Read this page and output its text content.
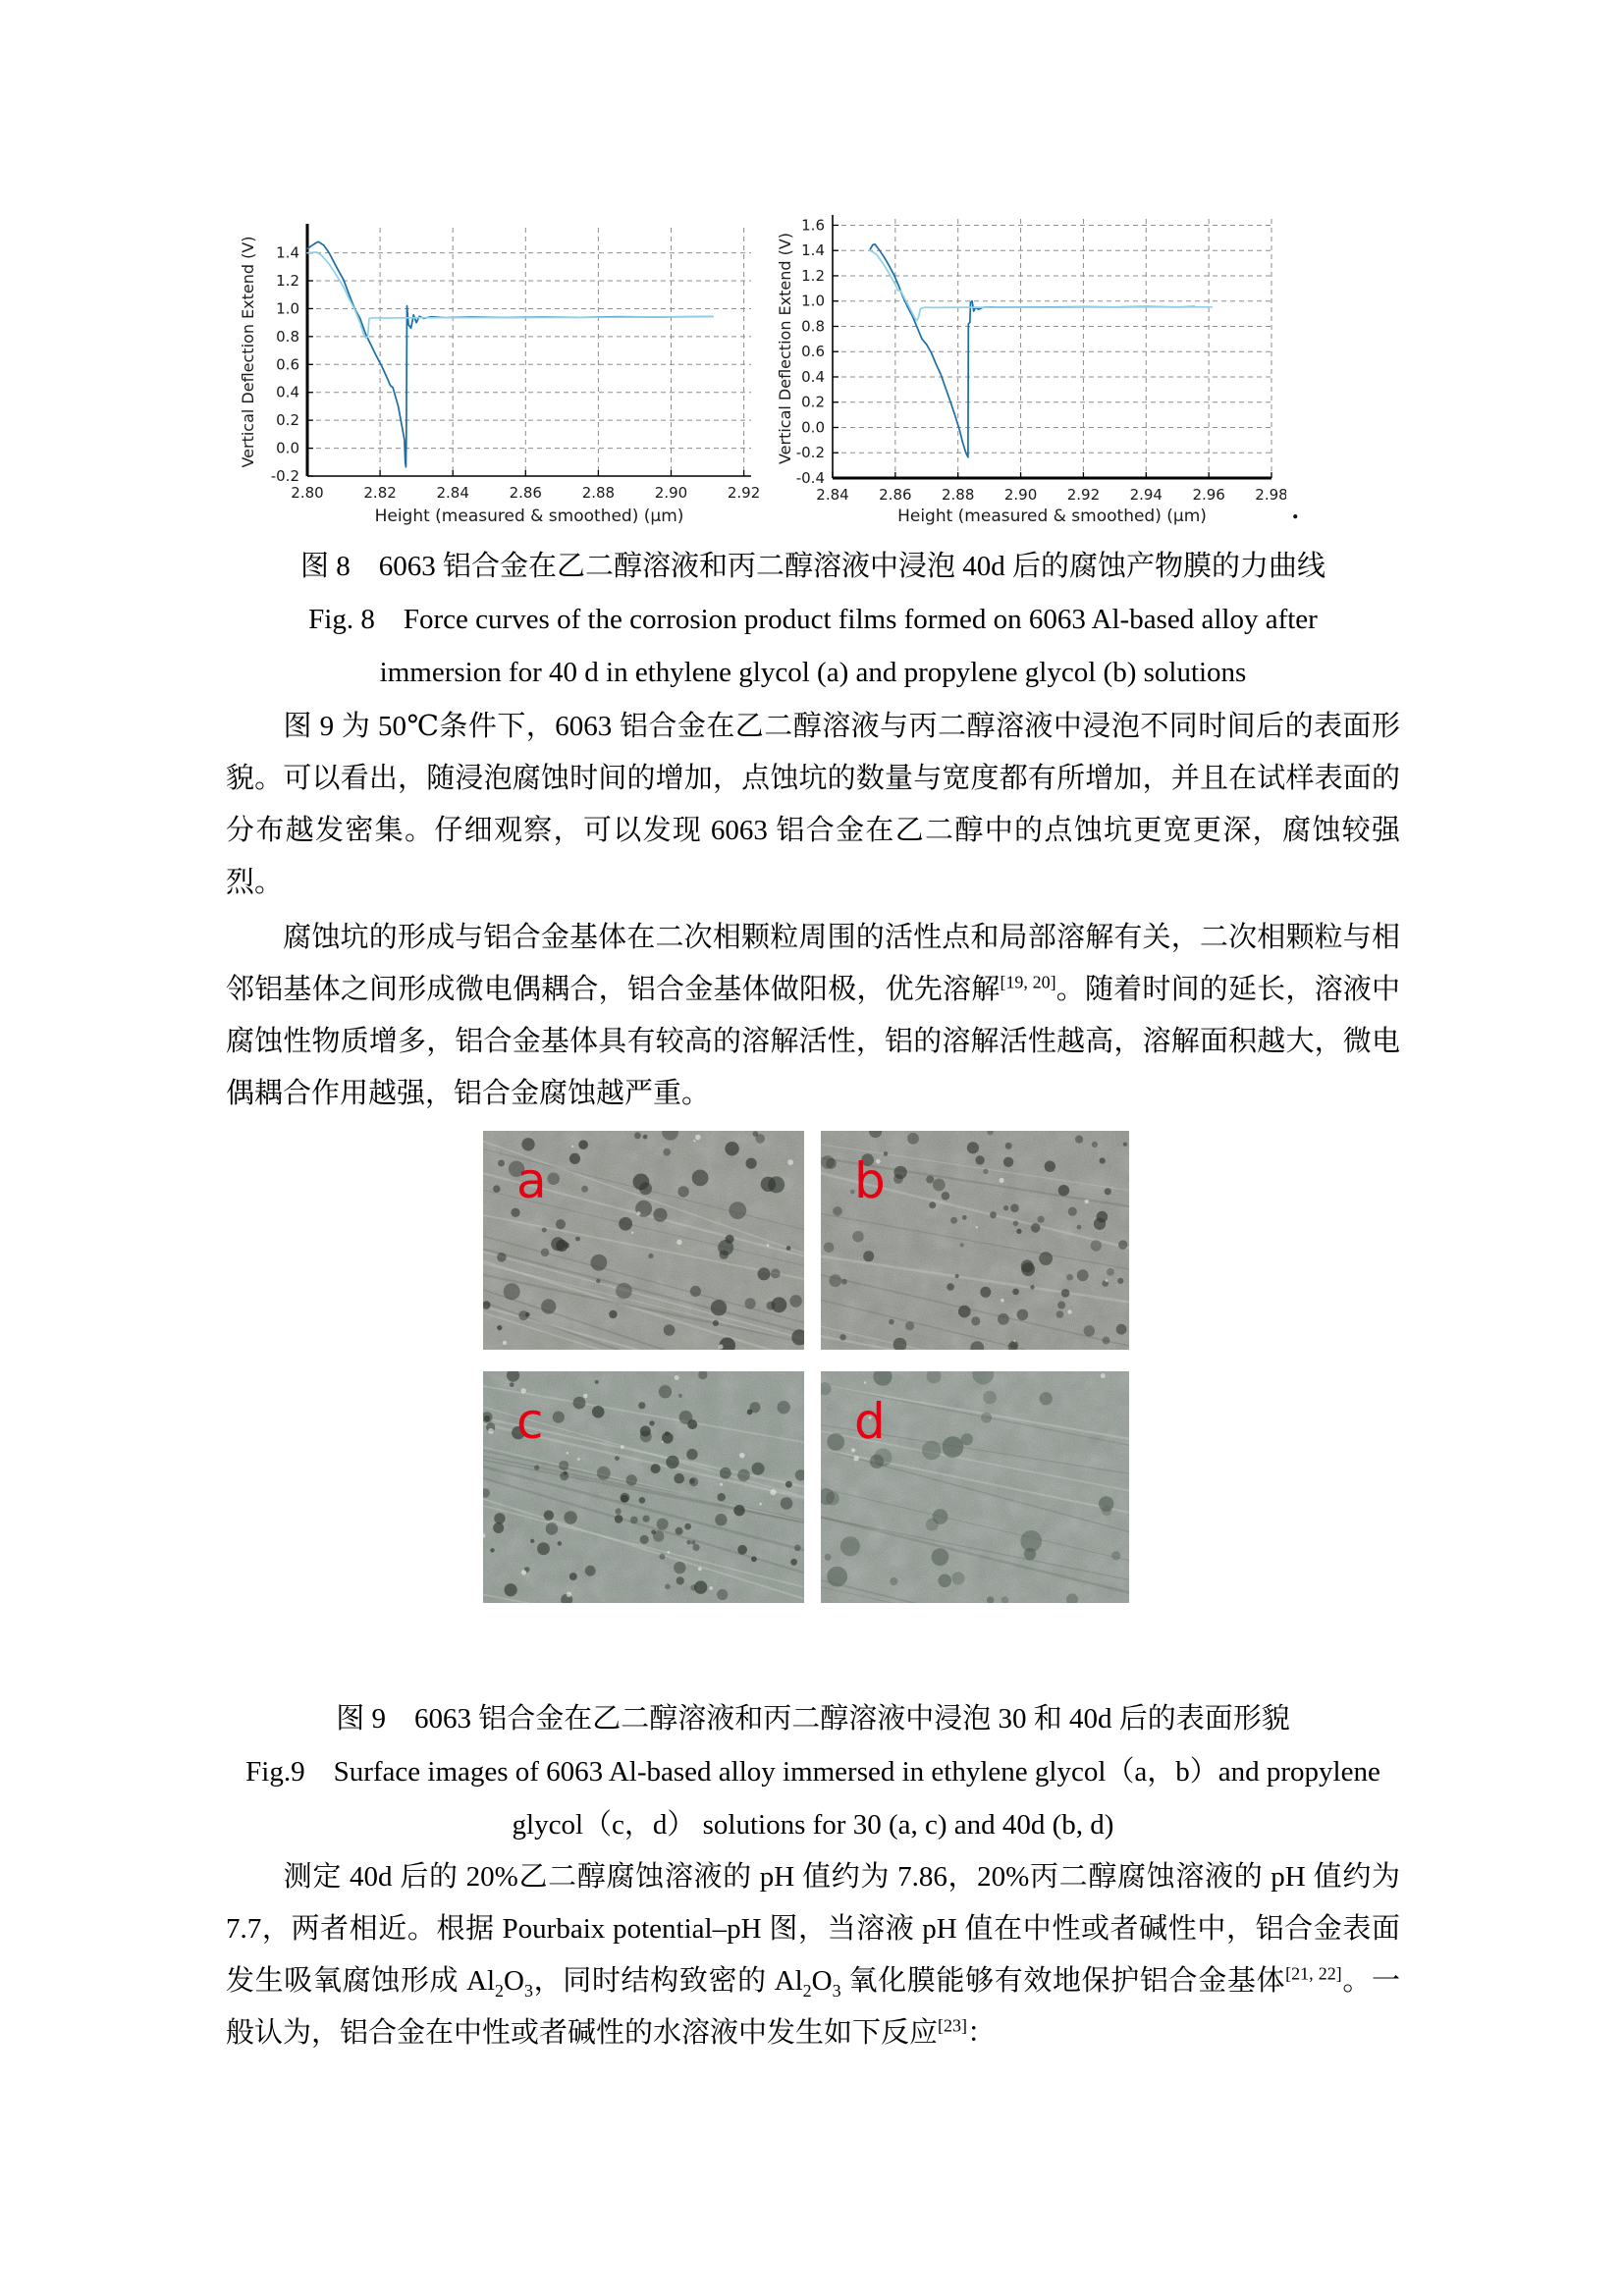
2.80	2.82	2.84	2.86	2.88	2.90	2.92
1.4
1.2
1.0
0.8
0.6
0.4
0.2
0.0
-0.2
Height (measured & smoothed) (μm)
Vertical Deflection Extend (V)
2.84 2.86 2.88 2.90 2.92 2.94 2.96 2.98
1.6
1.4
1.2
1.0
0.8
0.6
0.4
0.2
0.0
-0.2
-0.4
Height (measured & smoothed) (μm)
Vertical Deflection Extend (V)
.
图 8　6063 铝合金在乙二醇溶液和丙二醇溶液中浸泡 40d 后的腐蚀产物膜的力曲线
Fig. 8　Force curves of the corrosion product films formed on 6063 Al-based alloy after
immersion for 40 d in ethylene glycol (a) and propylene glycol (b) solutions
图 9 为 50℃条件下，6063 铝合金在乙二醇溶液与丙二醇溶液中浸泡不同时间后的表面形貌。可以看出，随浸泡腐蚀时间的增加，点蚀坑的数量与宽度都有所增加，并且在试样表面的分布越发密集。仔细观察，可以发现 6063 铝合金在乙二醇中的点蚀坑更宽更深，腐蚀较强烈。
腐蚀坑的形成与铝合金基体在二次相颗粒周围的活性点和局部溶解有关，二次相颗粒与相邻铝基体之间形成微电偶耦合，铝合金基体做阳极，优先溶解[19, 20]。随着时间的延长，溶液中腐蚀性物质增多，铝合金基体具有较高的溶解活性，铝的溶解活性越高，溶解面积越大，微电偶耦合作用越强，铝合金腐蚀越严重。
a	b
c	d
图 9　6063 铝合金在乙二醇溶液和丙二醇溶液中浸泡 30 和 40d 后的表面形貌
Fig.9　Surface images of 6063 Al-based alloy immersed in ethylene glycol（a，b）and propylene
glycol（c，d） solutions for 30 (a, c) and 40d (b, d)
测定 40d 后的 20%乙二醇腐蚀溶液的 pH 值约为 7.86，20%丙二醇腐蚀溶液的 pH 值约为 7.7，两者相近。根据 Pourbaix potential–pH 图，当溶液 pH 值在中性或者碱性中，铝合金表面发生吸氧腐蚀形成 $Al_2O_3$，同时结构致密的 $Al_2O_3$ 氧化膜能够有效地保护铝合金基体[21, 22]。一般认为，铝合金在中性或者碱性的水溶液中发生如下反应[23]：
